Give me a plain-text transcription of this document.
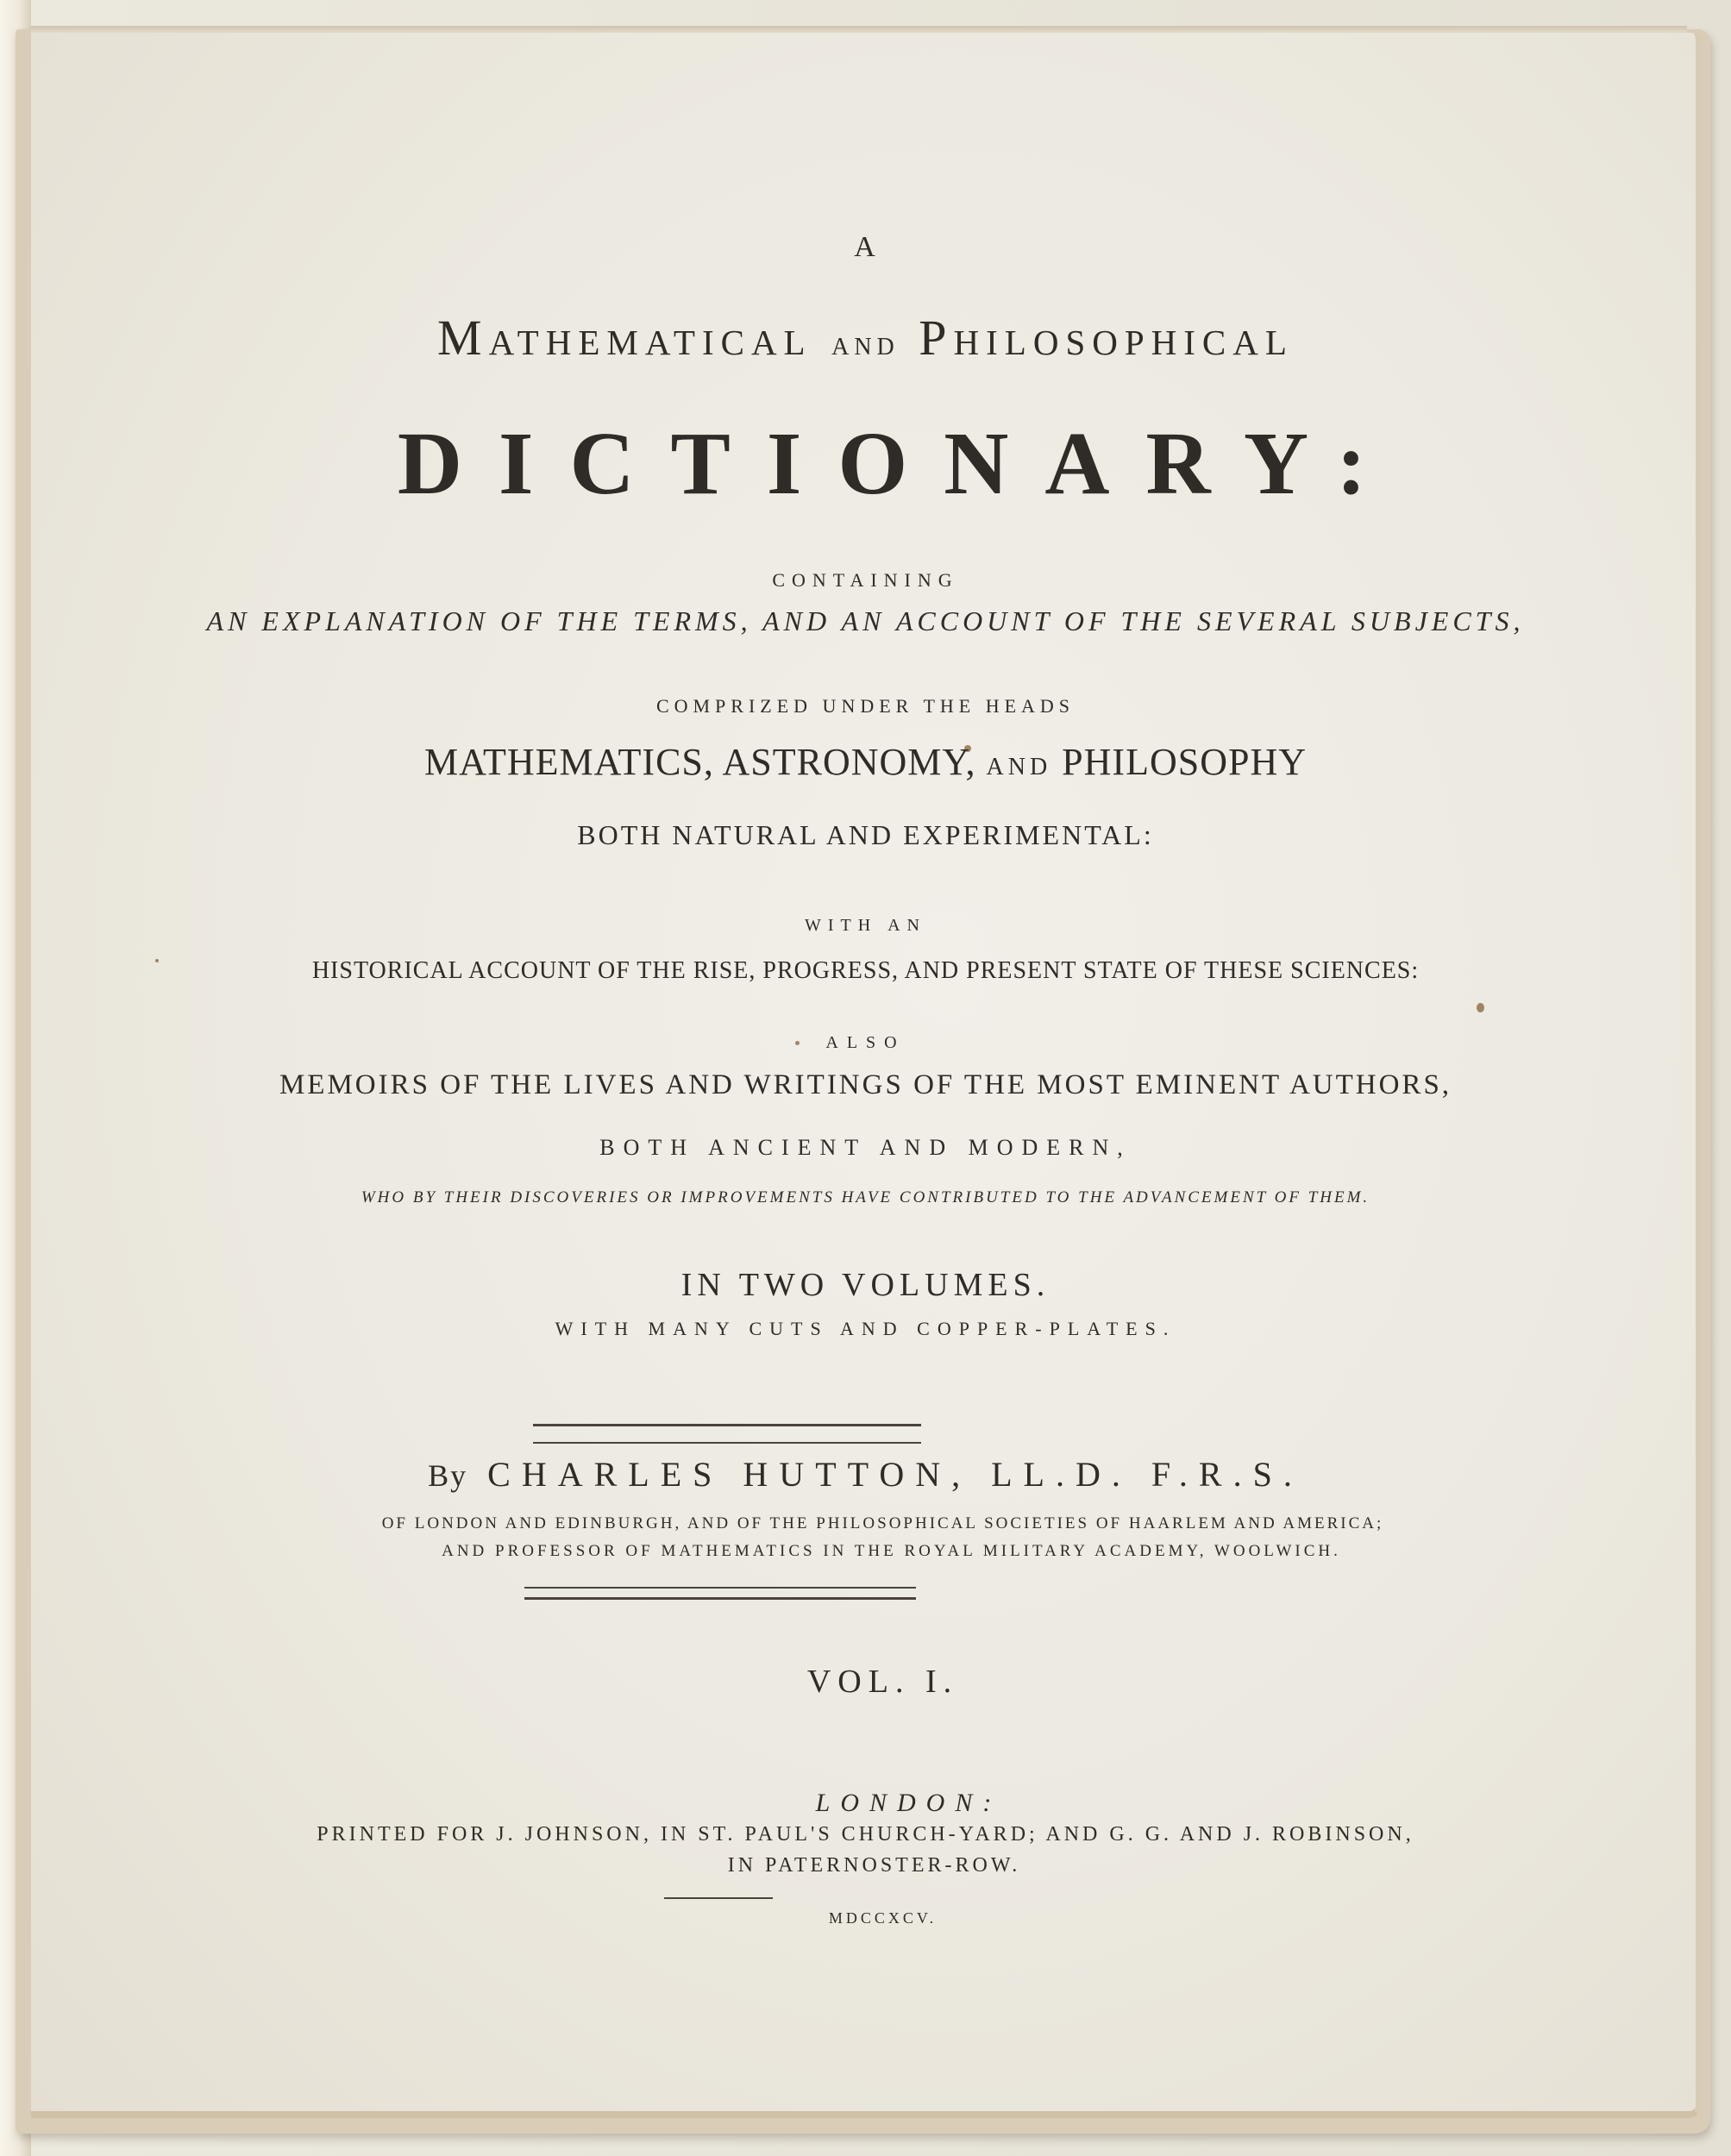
A

Mathematical and Philosophical

DICTIONARY:

CONTAINING

AN EXPLANATION OF THE TERMS, AND AN ACCOUNT OF THE SEVERAL SUBJECTS,

COMPRIZED UNDER THE HEADS

MATHEMATICS, ASTRONOMY, AND PHILOSOPHY

BOTH NATURAL AND EXPERIMENTAL:

WITH AN

HISTORICAL ACCOUNT OF THE RISE, PROGRESS, AND PRESENT STATE OF THESE SCIENCES:

ALSO

MEMOIRS OF THE LIVES AND WRITINGS OF THE MOST EMINENT AUTHORS,

BOTH ANCIENT AND MODERN,

WHO BY THEIR DISCOVERIES OR IMPROVEMENTS HAVE CONTRIBUTED TO THE ADVANCEMENT OF THEM.

IN TWO VOLUMES.

WITH MANY CUTS AND COPPER-PLATES.

By CHARLES HUTTON, LL.D. F.R.S.

OF LONDON AND EDINBURGH, AND OF THE PHILOSOPHICAL SOCIETIES OF HAARLEM AND AMERICA;

AND PROFESSOR OF MATHEMATICS IN THE ROYAL MILITARY ACADEMY, WOOLWICH.

VOL. I.

LONDON:

PRINTED FOR J. JOHNSON, IN ST. PAUL'S CHURCH-YARD; AND G. G. AND J. ROBINSON,

IN PATERNOSTER-ROW.

MDCCXCV.
